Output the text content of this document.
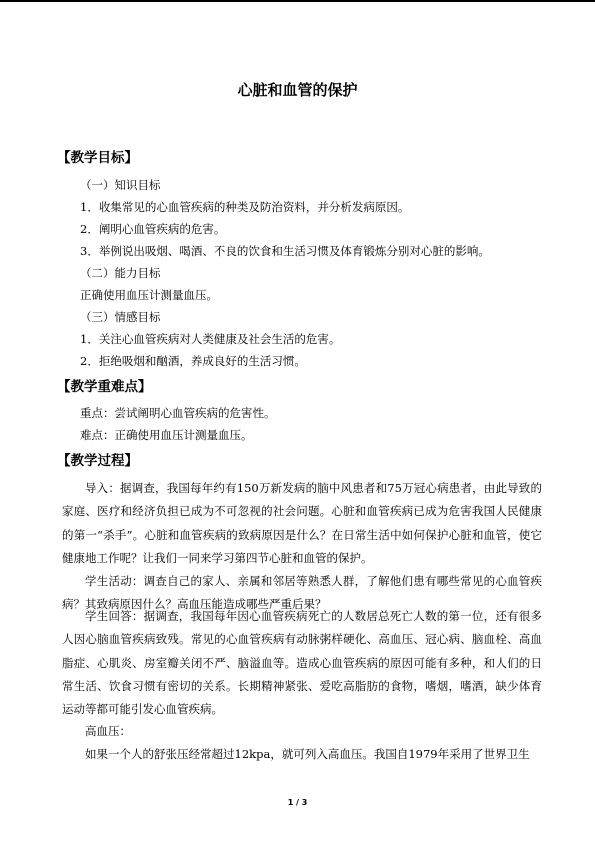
心脏和血管的保护
【教学目标】
（一）知识目标
1．收集常见的心血管疾病的种类及防治资料，并分析发病原因。
2．阐明心血管疾病的危害。
3．举例说出吸烟、喝酒、不良的饮食和生活习惯及体育锻炼分别对心脏的影响。
（二）能力目标
正确使用血压计测量血压。
（三）情感目标
1．关注心血管疾病对人类健康及社会生活的危害。
2．拒绝吸烟和酗酒，养成良好的生活习惯。
【教学重难点】
重点：尝试阐明心血管疾病的危害性。
难点：正确使用血压计测量血压。
【教学过程】
导入：据调查，我国每年约有150万新发病的脑中风患者和75万冠心病患者，由此导致的家庭、医疗和经济负担已成为不可忽视的社会问题。心脏和血管疾病已成为危害我国人民健康的第一“杀手”。心脏和血管疾病的致病原因是什么？在日常生活中如何保护心脏和血管，使它健康地工作呢？让我们一同来学习第四节心脏和血管的保护。
学生活动：调查自己的家人、亲属和邻居等熟悉人群，了解他们患有哪些常见的心血管疾病？其致病原因什么？高血压能造成哪些严重后果？
学生回答：据调查，我国每年因心血管疾病死亡的人数居总死亡人数的第一位，还有很多人因心脑血管疾病致残。常见的心血管疾病有动脉粥样硬化、高血压、冠心病、脑血栓、高血脂症、心肌炎、房室瓣关闭不严、脑溢血等。造成心血管疾病的原因可能有多种，和人们的日常生活、饮食习惯有密切的关系。长期精神紧张、爱吃高脂肪的食物，嗜烟，嗜酒，缺少体育运动等都可能引发心血管疾病。
高血压：
如果一个人的舒张压经常超过12kpa，就可列入高血压。我国自1979年采用了世界卫生
1 / 3
